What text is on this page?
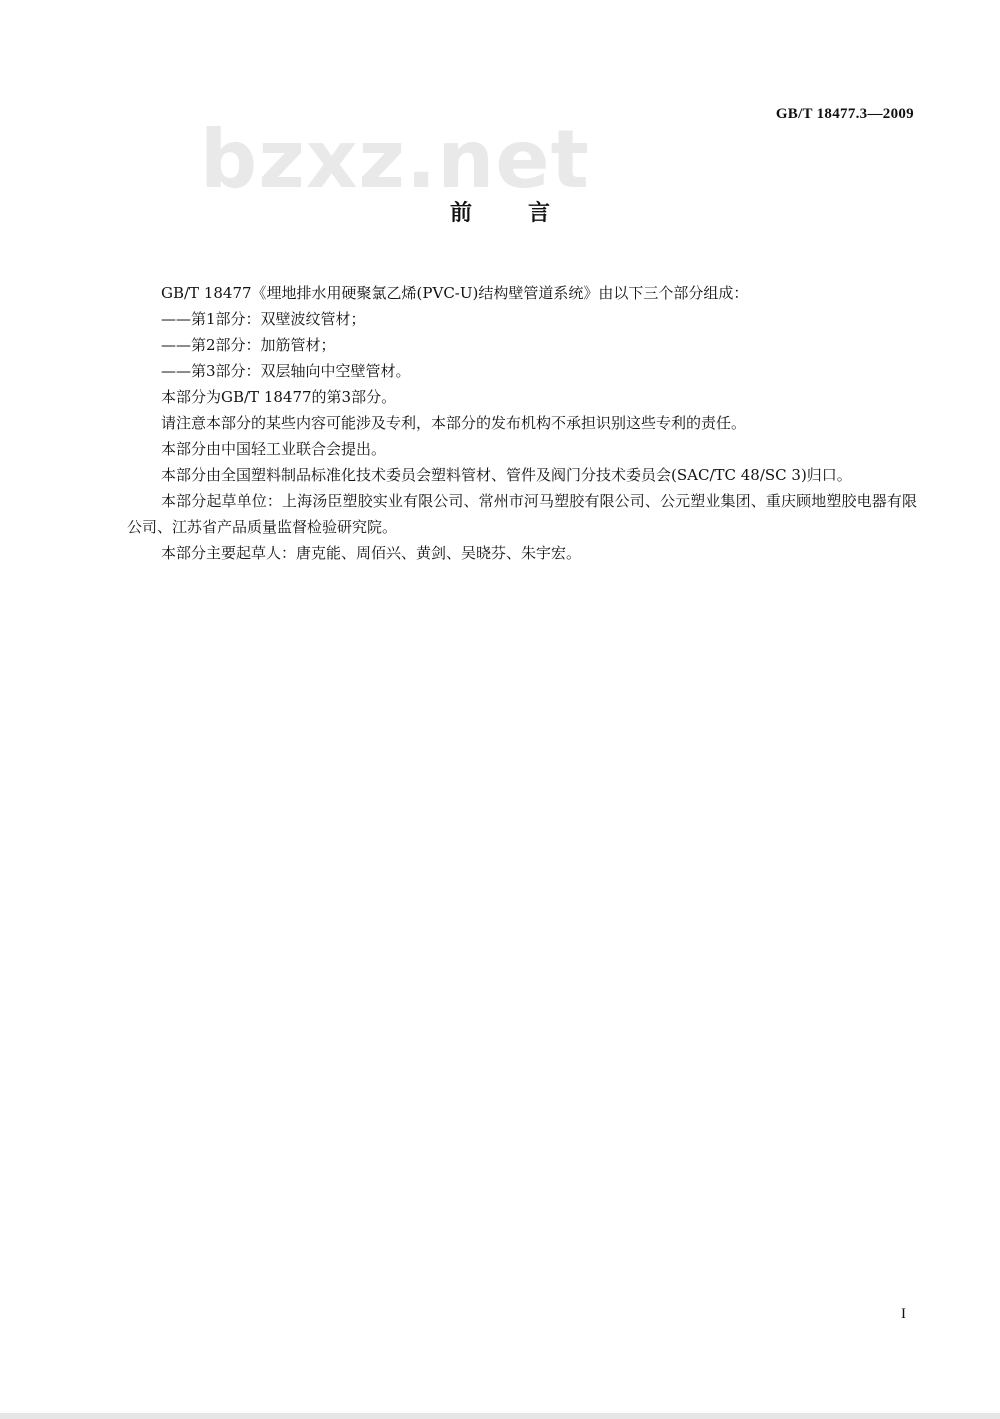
GB/T 18477.3—2009
bzxz.net
前言

GB/T 18477《埋地排水用硬聚氯乙烯(PVC-U)结构壁管道系统》由以下三个部分组成：

——第1部分：双壁波纹管材；

——第2部分：加筋管材；

——第3部分：双层轴向中空壁管材。

本部分为GB/T 18477的第3部分。

请注意本部分的某些内容可能涉及专利，本部分的发布机构不承担识别这些专利的责任。

本部分由中国轻工业联合会提出。

本部分由全国塑料制品标准化技术委员会塑料管材、管件及阀门分技术委员会(SAC/TC 48/SC 3)归口。

本部分起草单位：上海汤臣塑胶实业有限公司、常州市河马塑胶有限公司、公元塑业集团、重庆顾地塑胶电器有限公司、江苏省产品质量监督检验研究院。

本部分主要起草人：唐克能、周佰兴、黄剑、吴晓芬、朱宇宏。

I
